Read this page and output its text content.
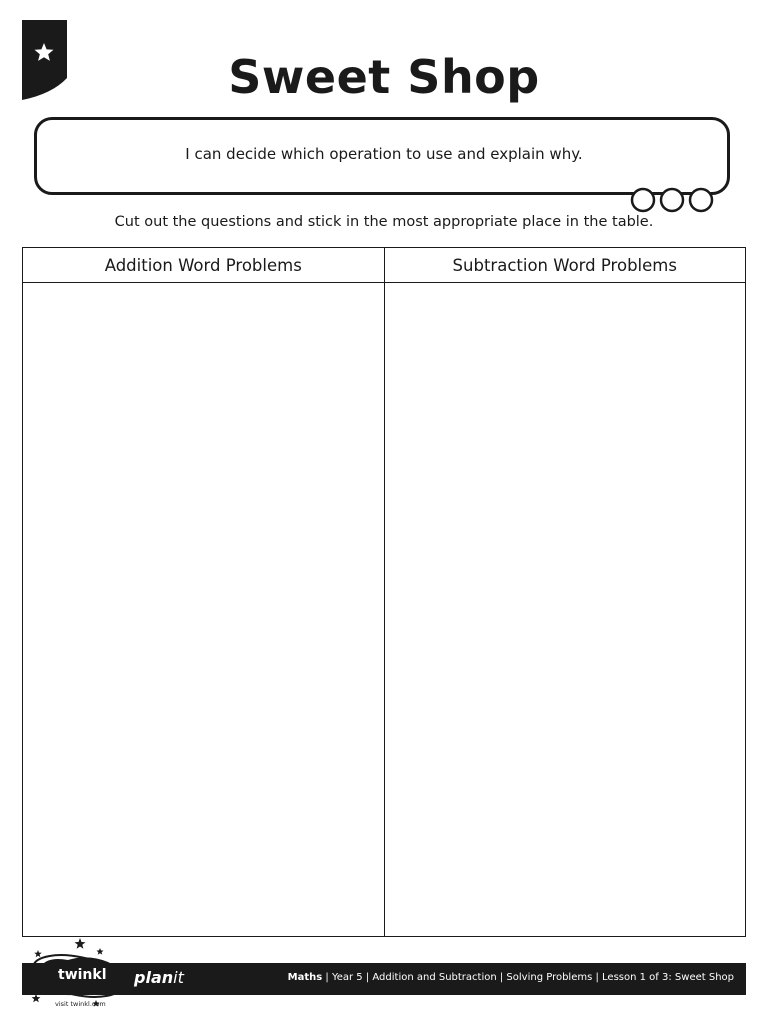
Sweet Shop
I can decide which operation to use and explain why.
Cut out the questions and stick in the most appropriate place in the table.
Addition Word Problems	Subtraction Word Problems

planit	Maths | Year 5 | Addition and Subtraction | Solving Problems | Lesson 1 of 3: Sweet Shop
twinkl
visit twinkl.com
